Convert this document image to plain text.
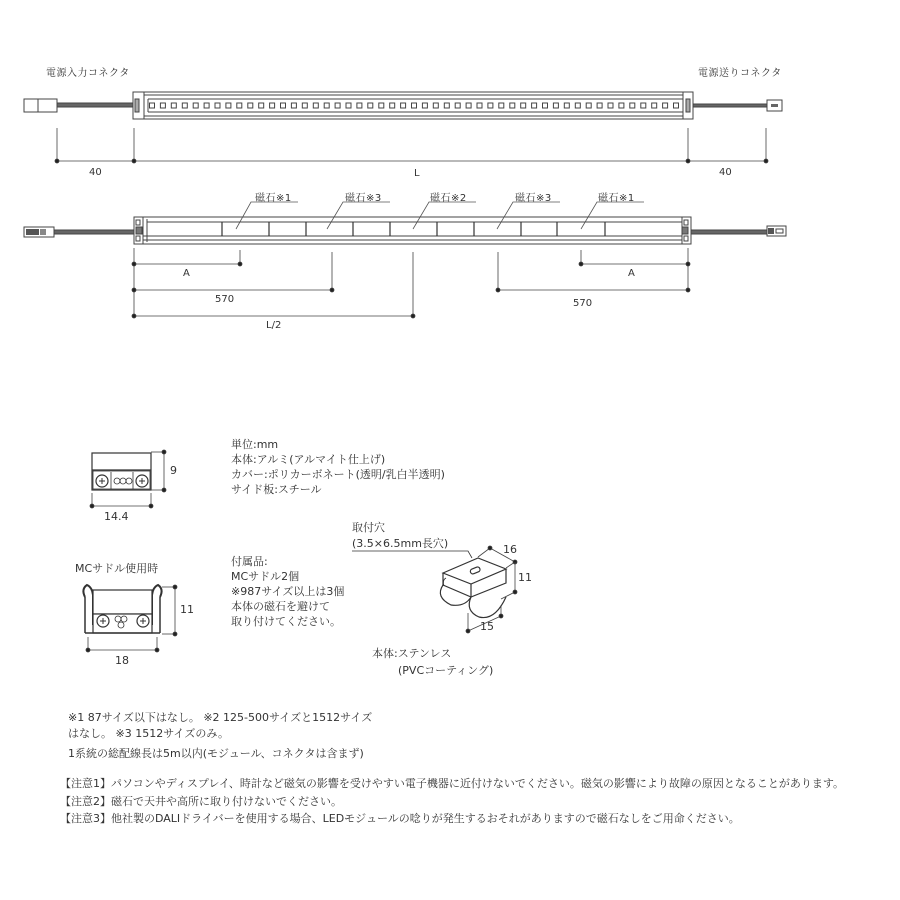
電源入力コネクタ	電源送りコネクタ
40	L	40
磁石※1	磁石※3	磁石※2	磁石※3	磁石※1
A
570
L/2
A
570
9
14.4
単位:mm
本体:アルミ(アルマイト仕上げ)
カバー:ポリカーボネート(透明/乳白半透明)
サイド板:スチール
MCサドル使用時
11
18
付属品:
MCサドル2個
※987サイズ以上は3個
本体の磁石を避けて
取り付けてください。
取付穴
(3.5×6.5mm長穴)	16
11
15
本体:ステンレス
(PVCコーティング)
※1 87サイズ以下はなし。 ※2 125-500サイズと1512サイズ
はなし。 ※3 1512サイズのみ。
1系統の総配線長は5m以内(モジュール、コネクタは含まず)
【注意1】パソコンやディスプレイ、時計など磁気の影響を受けやすい電子機器に近付けないでください。磁気の影響により故障の原因となることがあります。
【注意2】磁石で天井や高所に取り付けないでください。
【注意3】他社製のDALIドライバーを使用する場合、LEDモジュールの唸りが発生するおそれがありますので磁石なしをご用命ください。
